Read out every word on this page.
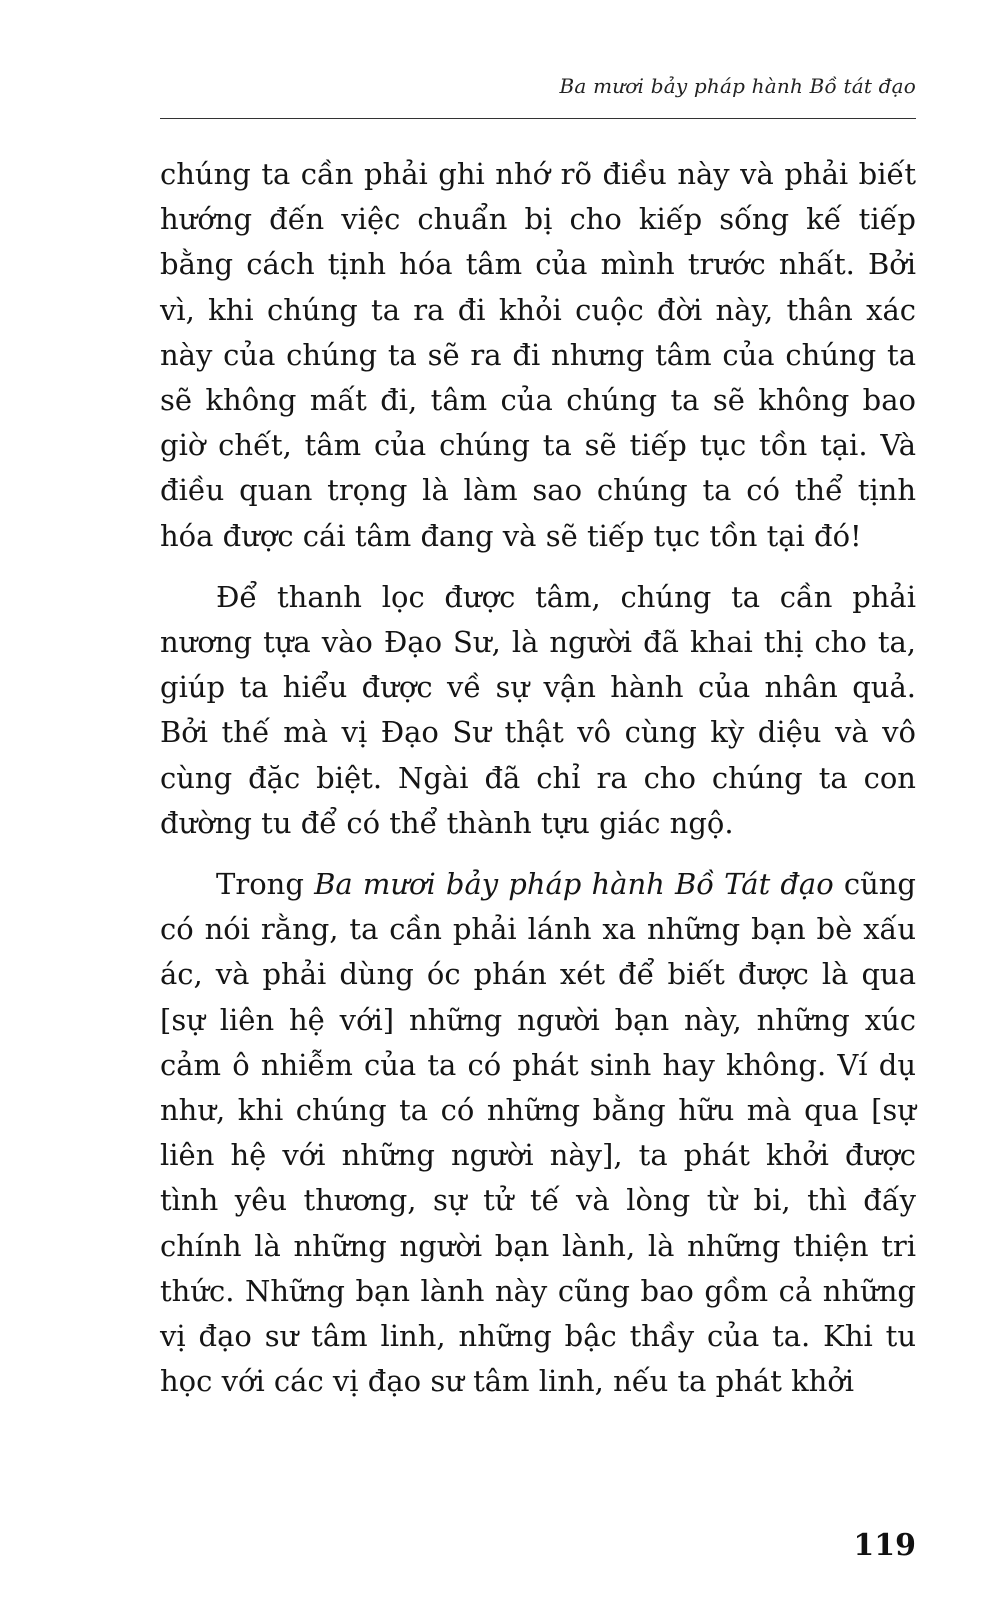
Ba mươi bảy pháp hành Bồ tát đạo

chúng ta cần phải ghi nhớ rõ điều này và phải biết hướng đến việc chuẩn bị cho kiếp sống kế tiếp bằng cách tịnh hóa tâm của mình trước nhất. Bởi vì, khi chúng ta ra đi khỏi cuộc đời này, thân xác này của chúng ta sẽ ra đi nhưng tâm của chúng ta sẽ không mất đi, tâm của chúng ta sẽ không bao giờ chết, tâm của chúng ta sẽ tiếp tục tồn tại. Và điều quan trọng là làm sao chúng ta có thể tịnh hóa được cái tâm đang và sẽ tiếp tục tồn tại đó!

Để thanh lọc được tâm, chúng ta cần phải nương tựa vào Đạo Sư, là người đã khai thị cho ta, giúp ta hiểu được về sự vận hành của nhân quả. Bởi thế mà vị Đạo Sư thật vô cùng kỳ diệu và vô cùng đặc biệt. Ngài đã chỉ ra cho chúng ta con đường tu để có thể thành tựu giác ngộ.

Trong Ba mươi bảy pháp hành Bồ Tát đạo cũng có nói rằng, ta cần phải lánh xa những bạn bè xấu ác, và phải dùng óc phán xét để biết được là qua [sự liên hệ với] những người bạn này, những xúc cảm ô nhiễm của ta có phát sinh hay không. Ví dụ như, khi chúng ta có những bằng hữu mà qua [sự liên hệ với những người này], ta phát khởi được tình yêu thương, sự tử tế và lòng từ bi, thì đấy chính là những người bạn lành, là những thiện tri thức. Những bạn lành này cũng bao gồm cả những vị đạo sư tâm linh, những bậc thầy của ta. Khi tu học với các vị đạo sư tâm linh, nếu ta phát khởi

119
